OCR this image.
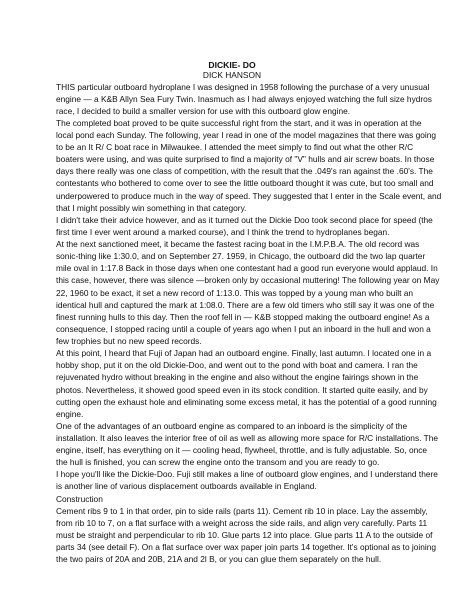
DICKIE- DO
DICK HANSON
THIS particular outboard hydroplane I was designed in 1958 following the purchase of a very unusual
engine — a K&B Allyn Sea Fury Twin. Inasmuch as I had always enjoyed watching the full size hydros
race, I decided to build a smaller version for use with this outboard glow engine.
The completed boat proved to be quite successful right from the start, and it was in operation at the
local pond each Sunday. The following, year I read in one of the model magazines that there was going
to be an It R/ C boat race in Milwaukee. I attended the meet simply to find out what the other R/C
boaters were using, and was quite surprised to find a majority of "V" hulls and air screw boats. In those
days there really was one class of competition, with the result that the .049's ran against the .60's. The
contestants who bothered to come over to see the little outboard thought it was cute, but too small and
underpowered to produce much in the way of speed. They suggested that I enter in the Scale event, and
that I might possibly win something in that category.
I didn't take their advice however, and as it turned out the Dickie Doo took second place for speed (the
first time I ever went around a marked course), and I think the trend to hydroplanes began.
At the next sanctioned meet, it became the fastest racing boat in the I.M.P.B.A. The old record was
sonic-thing like 1:30.0, and on September 27. 1959, in Chicago, the outboard did the two lap quarter
mile oval in 1:17.8 Back in those days when one contestant had a good run everyone would applaud. In
this case, however, there was silence —broken only by occasional muttering! The following year on May
22, 1960 to be exact, it set a new record of 1:13.0. This was topped by a young man who built an
identical hull and captured the mark at 1:08.0. There are a few old timers who still say it was one of the
finest running hulls to this day. Then the roof fell in — K&B stopped making the outboard engine! As a
consequence, I stopped racing until a couple of years ago when I put an inboard in the hull and won a
few trophies but no new speed records.
At this point, I heard that Fuji of Japan had an outboard engine. Finally, last autumn. I located one in a
hobby shop, put it on the old Dickie-Doo, and went out to the pond with boat and camera. I ran the
rejuvenated hydro without breaking in the engine and also without the engine fairings shown in the
photos. Nevertheless, it showed good speed even in its stock condition. It started quite easily, and by
cutting open the exhaust hole and eliminating some excess metal, it has the potential of a good running
engine.
One of the advantages of an outboard engine as compared to an inboard is the simplicity of the
installation. It also leaves the interior free of oil as well as allowing more space for R/C installations. The
engine, itself, has everything on it — cooling head, flywheel, throttle, and is fully adjustable. So, once
the hull is finished, you can screw the engine onto the transom and you are ready to go.
I hope you'll like the Dickie-Doo. Fuji still makes a line of outboard glow engines, and I understand there
is another line of various displacement outboards available in England.
Construction
Cement ribs 9 to 1 in that order, pin to side rails (parts 11). Cement rib 10 in place. Lay the assembly,
from rib 10 to 7, on a flat surface with a weight across the side rails, and align very carefully. Parts 11
must be straight and perpendicular to rib 10. Glue parts 12 into place. Glue parts 11 A to the outside of
parts 34 (see detail F). On a flat surface over wax paper join parts 14 together. It's optional as to joining
the two pairs of 20A and 20B, 21A and 2l B, or you can glue them separately on the hull.
